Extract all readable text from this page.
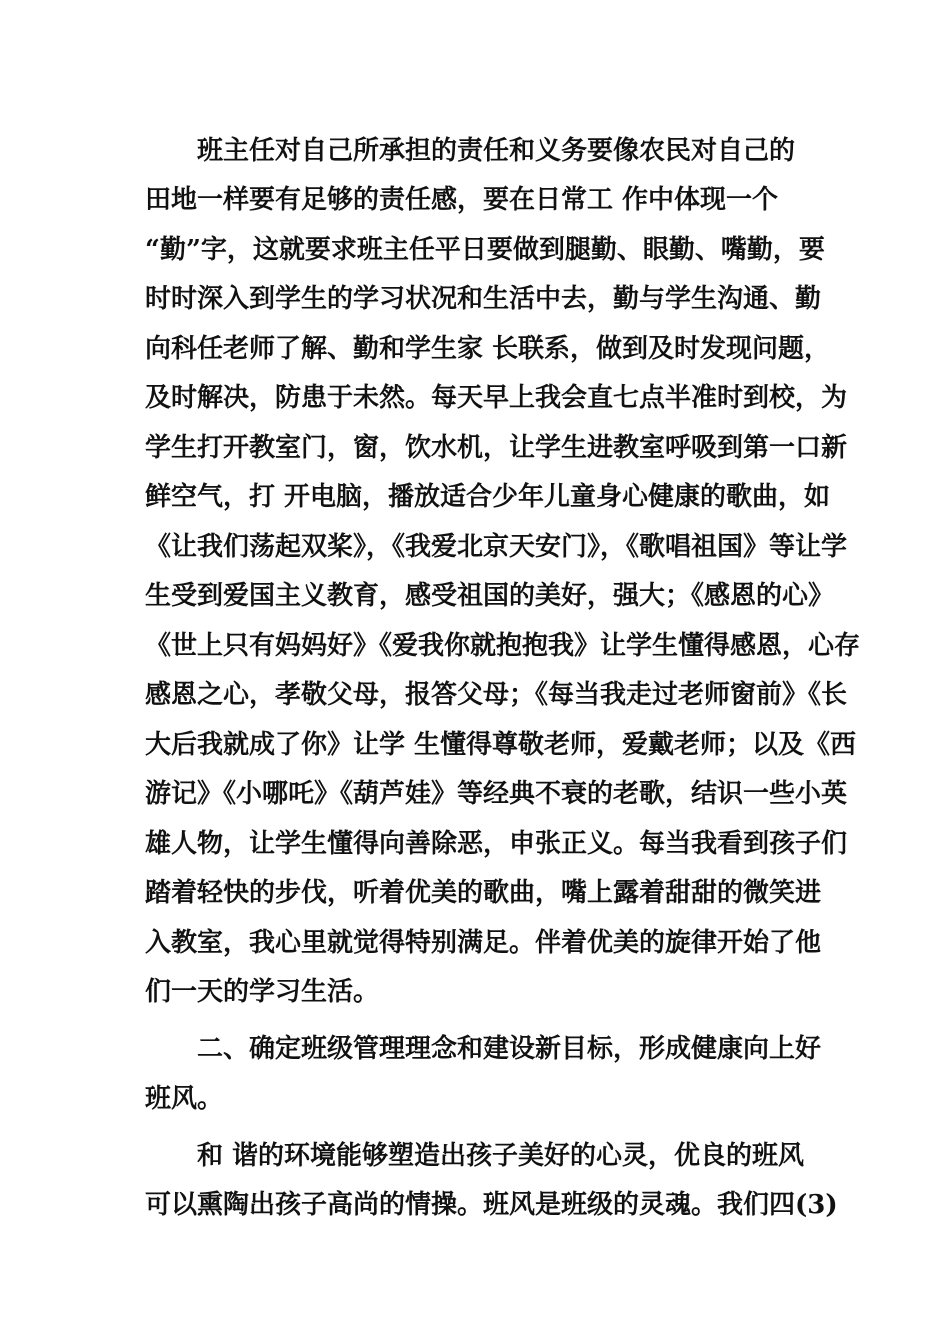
班主任对自己所承担的责任和义务要像农民对自己的
田地一样要有足够的责任感，要在日常工 作中体现一个
“勤”字，这就要求班主任平日要做到腿勤、眼勤、嘴勤，要
时时深入到学生的学习状况和生活中去，勤与学生沟通、勤
向科任老师了解、勤和学生家 长联系，做到及时发现问题，
及时解决，防患于未然。每天早上我会直七点半准时到校，为
学生打开教室门，窗，饮水机，让学生进教室呼吸到第一口新
鲜空气，打 开电脑，播放适合少年儿童身心健康的歌曲，如
《让我们荡起双桨》，《我爱北京天安门》，《歌唱祖国》等让学
生受到爱国主义教育，感受祖国的美好，强大；《感恩的心》
《世上只有妈妈好》《爱我你就抱抱我》让学生懂得感恩，心存
感恩之心，孝敬父母，报答父母；《每当我走过老师窗前》《长
大后我就成了你》让学 生懂得尊敬老师，爱戴老师；以及《西
游记》《小哪吒》《葫芦娃》等经典不衰的老歌，结识一些小英
雄人物，让学生懂得向善除恶，申张正义。每当我看到孩子们
踏着轻快的步伐，听着优美的歌曲，嘴上露着甜甜的微笑进
入教室，我心里就觉得特别满足。伴着优美的旋律开始了他
们一天的学习生活。
二、确定班级管理理念和建设新目标，形成健康向上好
班风。
和 谐的环境能够塑造出孩子美好的心灵，优良的班风
可以熏陶出孩子高尚的情操。班风是班级的灵魂。我们四(3)
